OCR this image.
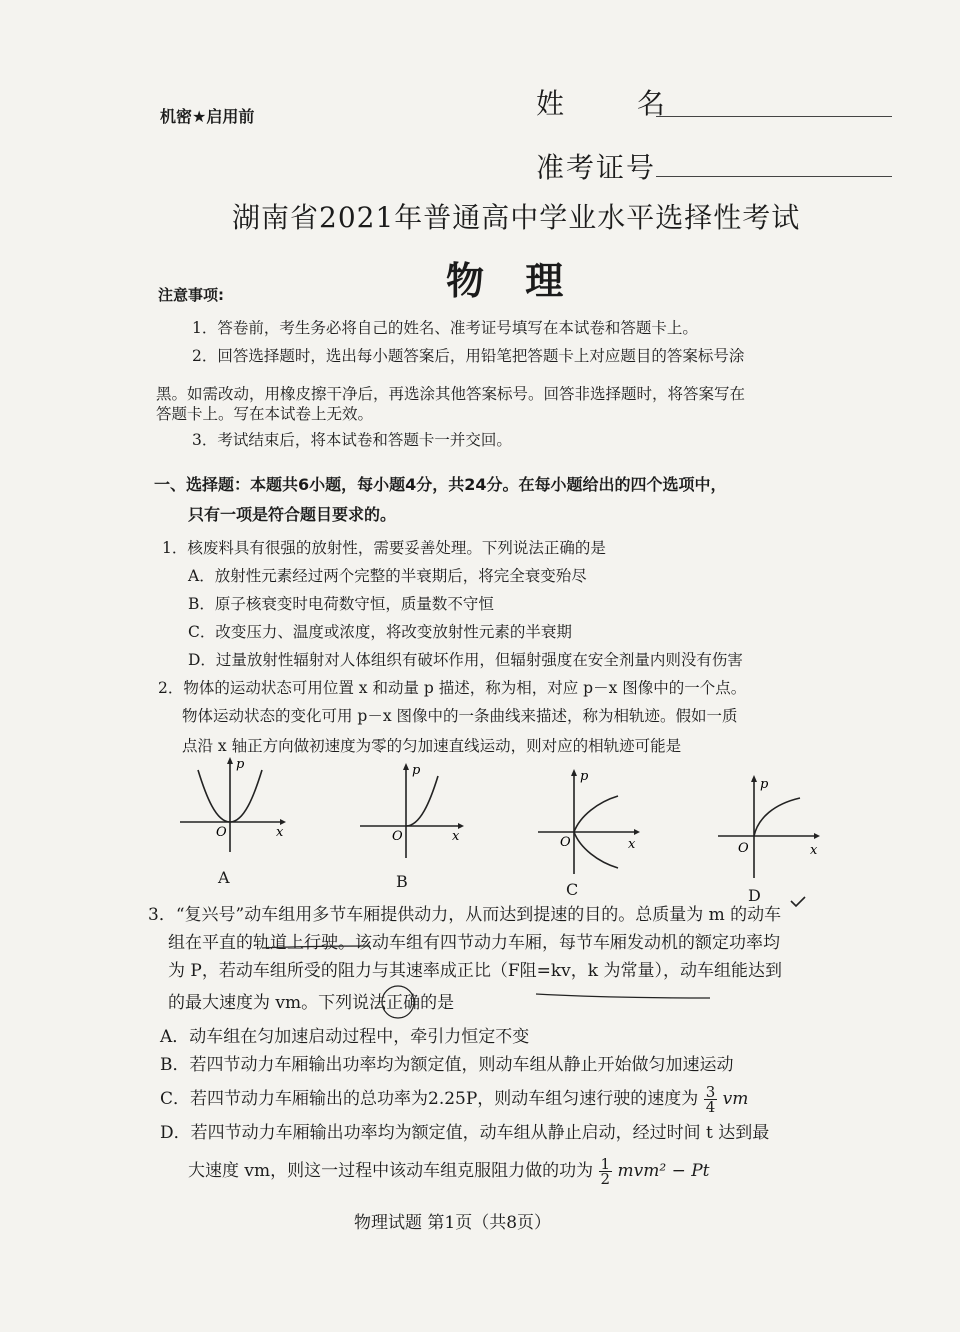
机密★启用前	姓 名
准考证号
湖南省2021年普通高中学业水平选择性考试
物 理
注意事项:
1．答卷前，考生务必将自己的姓名、准考证号填写在本试卷和答题卡上。
2．回答选择题时，选出每小题答案后，用铅笔把答题卡上对应题目的答案标号涂
黑。如需改动，用橡皮擦干净后，再选涂其他答案标号。回答非选择题时，将答案写在
答题卡上。写在本试卷上无效。
3．考试结束后，将本试卷和答题卡一并交回。
一、选择题：本题共6小题，每小题4分，共24分。在每小题给出的四个选项中，
只有一项是符合题目要求的。
1．核废料具有很强的放射性，需要妥善处理。下列说法正确的是
A．放射性元素经过两个完整的半衰期后，将完全衰变殆尽
B．原子核衰变时电荷数守恒，质量数不守恒
C．改变压力、温度或浓度，将改变放射性元素的半衰期
D．过量放射性辐射对人体组织有破坏作用，但辐射强度在安全剂量内则没有伤害
2．物体的运动状态可用位置 x 和动量 p 描述，称为相，对应 p－x 图像中的一个点。
物体运动状态的变化可用 p－x 图像中的一条曲线来描述，称为相轨迹。假如一质
点沿 x 轴正方向做初速度为零的匀加速直线运动，则对应的相轨迹可能是
O	x
p
A
O	x
p
B
O	x
p
C
O	x
p
D
3．“复兴号”动车组用多节车厢提供动力，从而达到提速的目的。总质量为 m 的动车
组在平直的轨道上行驶。该动车组有四节动力车厢，每节车厢发动机的额定功率均
为 P，若动车组所受的阻力与其速率成正比（F阻=kv，k 为常量），动车组能达到
的最大速度为 vm。下列说法正确的是
A．动车组在匀加速启动过程中，牵引力恒定不变
B．若四节动力车厢输出功率均为额定值，则动车组从静止开始做匀加速运动
C．若四节动力车厢输出的总功率为2.25P，则动车组匀速行驶的速度为 $\frac{3}{4}$ vm
D．若四节动力车厢输出功率均为额定值，动车组从静止启动，经过时间 t 达到最
大速度 vm，则这一过程中该动车组克服阻力做的功为 $\frac{1}{2} mvm^2 - Pt$
物理试题 第1页（共8页）
